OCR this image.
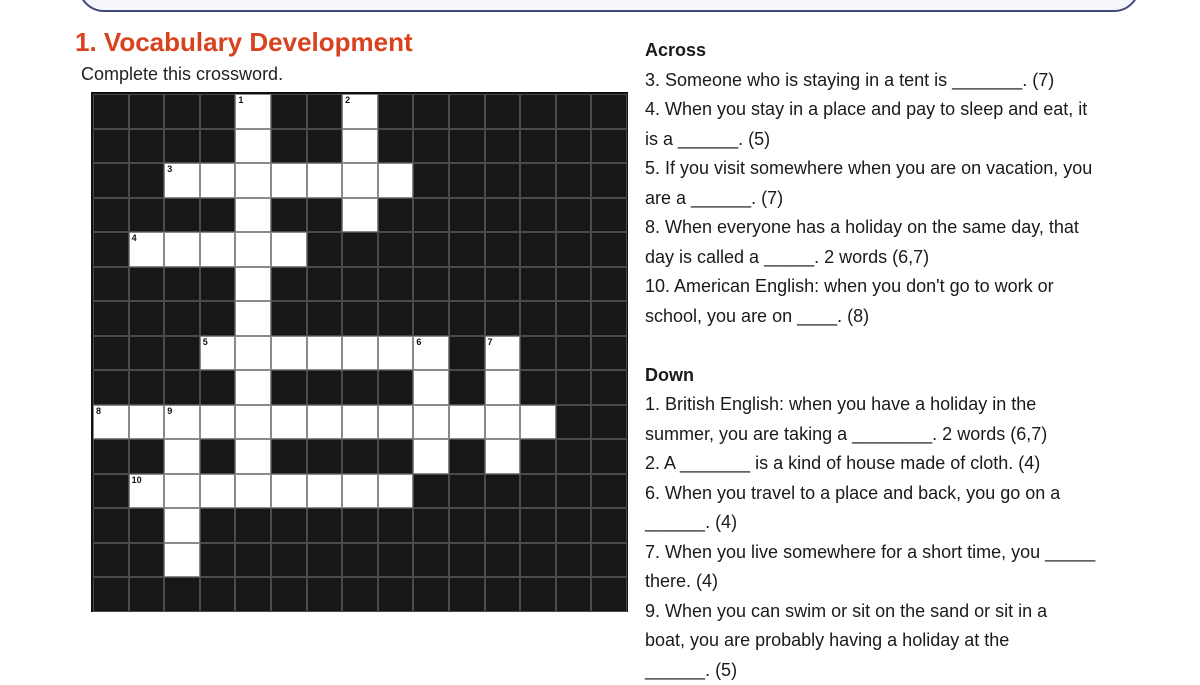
1. Vocabulary Development
Complete this crossword.
1	2
3
4
5	6	7
8	9
10
Across
3. Someone who is staying in a tent is _______. (7)
4. When you stay in a place and pay to sleep and eat, it
is a ______. (5)
5. If you visit somewhere when you are on vacation, you
are a ______. (7)
8. When everyone has a holiday on the same day, that
day is called a _____. 2 words (6,7)
10. American English: when you don't go to work or
school, you are on ____. (8)
Down
1. British English: when you have a holiday in the
summer, you are taking a ________. 2 words (6,7)
2. A _______ is a kind of house made of cloth. (4)
6. When you travel to a place and back, you go on a
______. (4)
7. When you live somewhere for a short time, you _____
there. (4)
9. When you can swim or sit on the sand or sit in a
boat, you are probably having a holiday at the
______. (5)
